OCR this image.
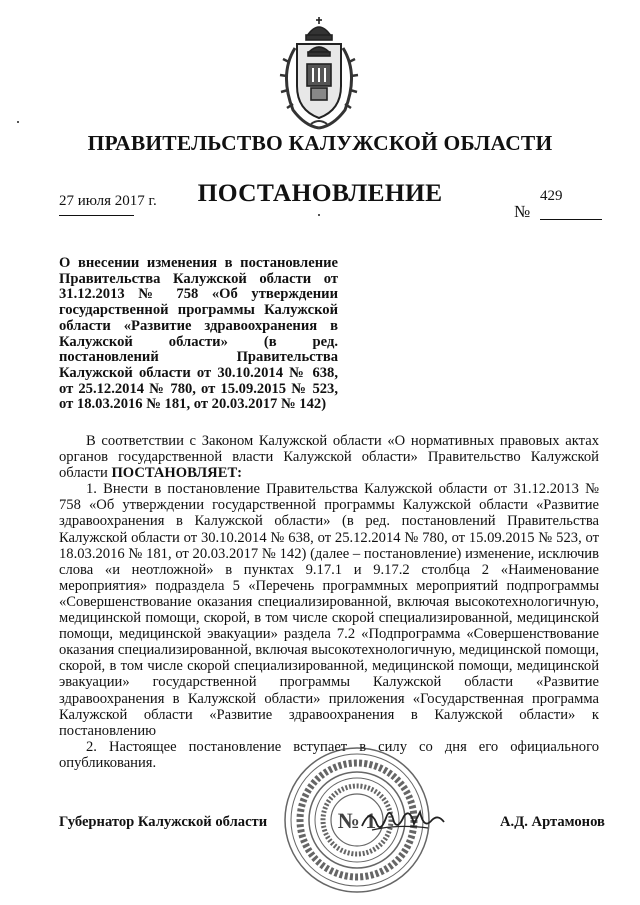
ПРАВИТЕЛЬСТВО КАЛУЖСКОЙ ОБЛАСТИ
27 июля 2017 г.	ПОСТАНОВЛЕНИЕ	429
№
О внесении изменения в постановление Правительства Калужской области от 31.12.2013 № 758 «Об утверждении государственной программы Калужской области «Развитие здравоохранения в Калужской области» (в ред. постановлений Правительства Калужской области от 30.10.2014 № 638, от 25.12.2014 № 780, от 15.09.2015 № 523, от 18.03.2016 № 181, от 20.03.2017 № 142)

В соответствии с Законом Калужской области «О нормативных правовых актах органов государственной власти Калужской области» Правительство Калужской области ПОСТАНОВЛЯЕТ:

1. Внести в постановление Правительства Калужской области от 31.12.2013 № 758 «Об утверждении государственной программы Калужской области «Развитие здравоохранения в Калужской области» (в ред. постановлений Правительства Калужской области от 30.10.2014 № 638, от 25.12.2014 № 780, от 15.09.2015 № 523, от 18.03.2016 № 181, от 20.03.2017 № 142) (далее – постановление) изменение, исключив слова «и неотложной» в пунктах 9.17.1 и 9.17.2 столбца 2 «Наименование мероприятия» подраздела 5 «Перечень программных мероприятий подпрограммы «Совершенствование оказания специализированной, включая высокотехнологичную, медицинской помощи, скорой, в том числе скорой специализированной, медицинской помощи, медицинской эвакуации» раздела 7.2 «Подпрограмма «Совершенствование оказания специализированной, включая высокотехнологичную, медицинской помощи, скорой, в том числе скорой специализированной, медицинской помощи, медицинской эвакуации» государственной программы Калужской области «Развитие здравоохранения в Калужской области» приложения «Государственная программа Калужской области «Развитие здравоохранения в Калужской области» к постановлению

2. Настоящее постановление вступает в силу со дня его официального опубликования.

№ 1
Губернатор Калужской области	А.Д. Артамонов
